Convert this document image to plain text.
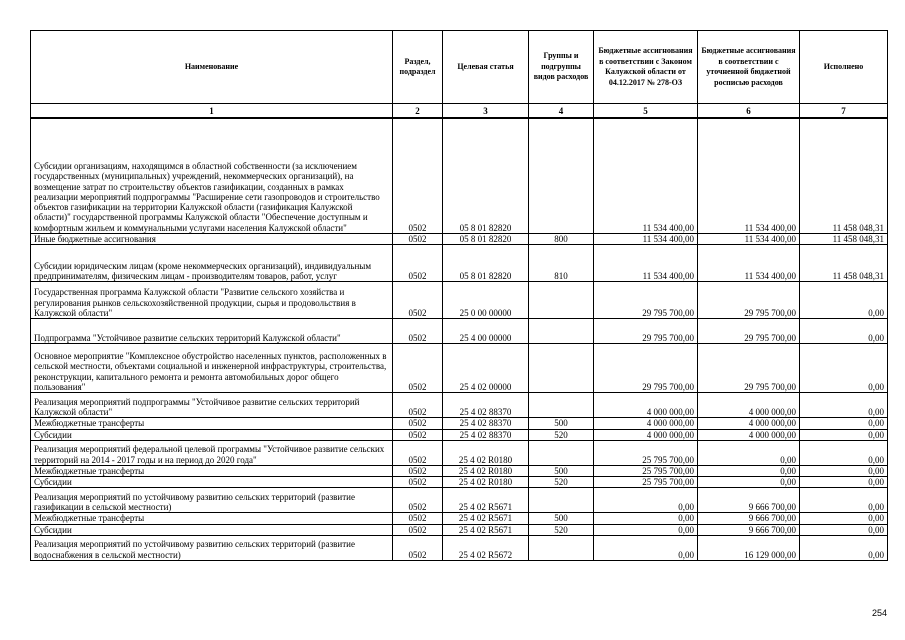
Наименование	Раздел, подраздел	Целевая статья	Группы и подгруппы видов расходов	Бюджетные ассигнования в соответствии с Законом Калужской области от 04.12.2017 № 278-ОЗ	Бюджетные ассигнования в соответствии с уточненной бюджетной росписью расходов	Исполнено
1	2	3	4	5	6	7
Субсидии организациям, находящимся в областной собственности (за исключением государственных (муниципальных) учреждений, некоммерческих организаций), на возмещение затрат по строительству объектов газификации, созданных в рамках реализации мероприятий подпрограммы "Расширение сети газопроводов и строительство объектов газификации на территории Калужской области (газификация Калужской области)" государственной программы Калужской области "Обеспечение доступным и комфортным жильем и коммунальными услугами населения Калужской области"	0502	05 8 01 82820		11 534 400,00	11 534 400,00	11 458 048,31
Иные бюджетные ассигнования	0502	05 8 01 82820	800	11 534 400,00	11 534 400,00	11 458 048,31
Субсидии юридическим лицам (кроме некоммерческих организаций), индивидуальным предпринимателям, физическим лицам - производителям товаров, работ, услуг	0502	05 8 01 82820	810	11 534 400,00	11 534 400,00	11 458 048,31
Государственная программа Калужской области "Развитие сельского хозяйства и регулирования рынков сельскохозяйственной продукции, сырья и продовольствия в Калужской области"	0502	25 0 00 00000		29 795 700,00	29 795 700,00	0,00
Подпрограмма "Устойчивое развитие сельских территорий Калужской области"	0502	25 4 00 00000		29 795 700,00	29 795 700,00	0,00
Основное мероприятие "Комплексное обустройство населенных пунктов, расположенных в сельской местности, объектами социальной и инженерной инфраструктуры, строительства, реконструкции, капитального ремонта и ремонта автомобильных дорог общего пользования"	0502	25 4 02 00000		29 795 700,00	29 795 700,00	0,00
Реализация мероприятий подпрограммы "Устойчивое развитие сельских территорий Калужской области"	0502	25 4 02 88370		4 000 000,00	4 000 000,00	0,00
Межбюджетные трансферты	0502	25 4 02 88370	500	4 000 000,00	4 000 000,00	0,00
Субсидии	0502	25 4 02 88370	520	4 000 000,00	4 000 000,00	0,00
Реализация мероприятий федеральной целевой программы "Устойчивое развитие сельских территорий на 2014 - 2017 годы и на период до 2020 года"	0502	25 4 02 R0180		25 795 700,00	0,00	0,00
Межбюджетные трансферты	0502	25 4 02 R0180	500	25 795 700,00	0,00	0,00
Субсидии	0502	25 4 02 R0180	520	25 795 700,00	0,00	0,00
Реализация мероприятий по устойчивому развитию сельских территорий (развитие газификации в сельской местности)	0502	25 4 02 R5671		0,00	9 666 700,00	0,00
Межбюджетные трансферты	0502	25 4 02 R5671	500	0,00	9 666 700,00	0,00
Субсидии	0502	25 4 02 R5671	520	0,00	9 666 700,00	0,00
Реализация мероприятий по устойчивому развитию сельских территорий (развитие водоснабжения в сельской местности)	0502	25 4 02 R5672		0,00	16 129 000,00	0,00
254
